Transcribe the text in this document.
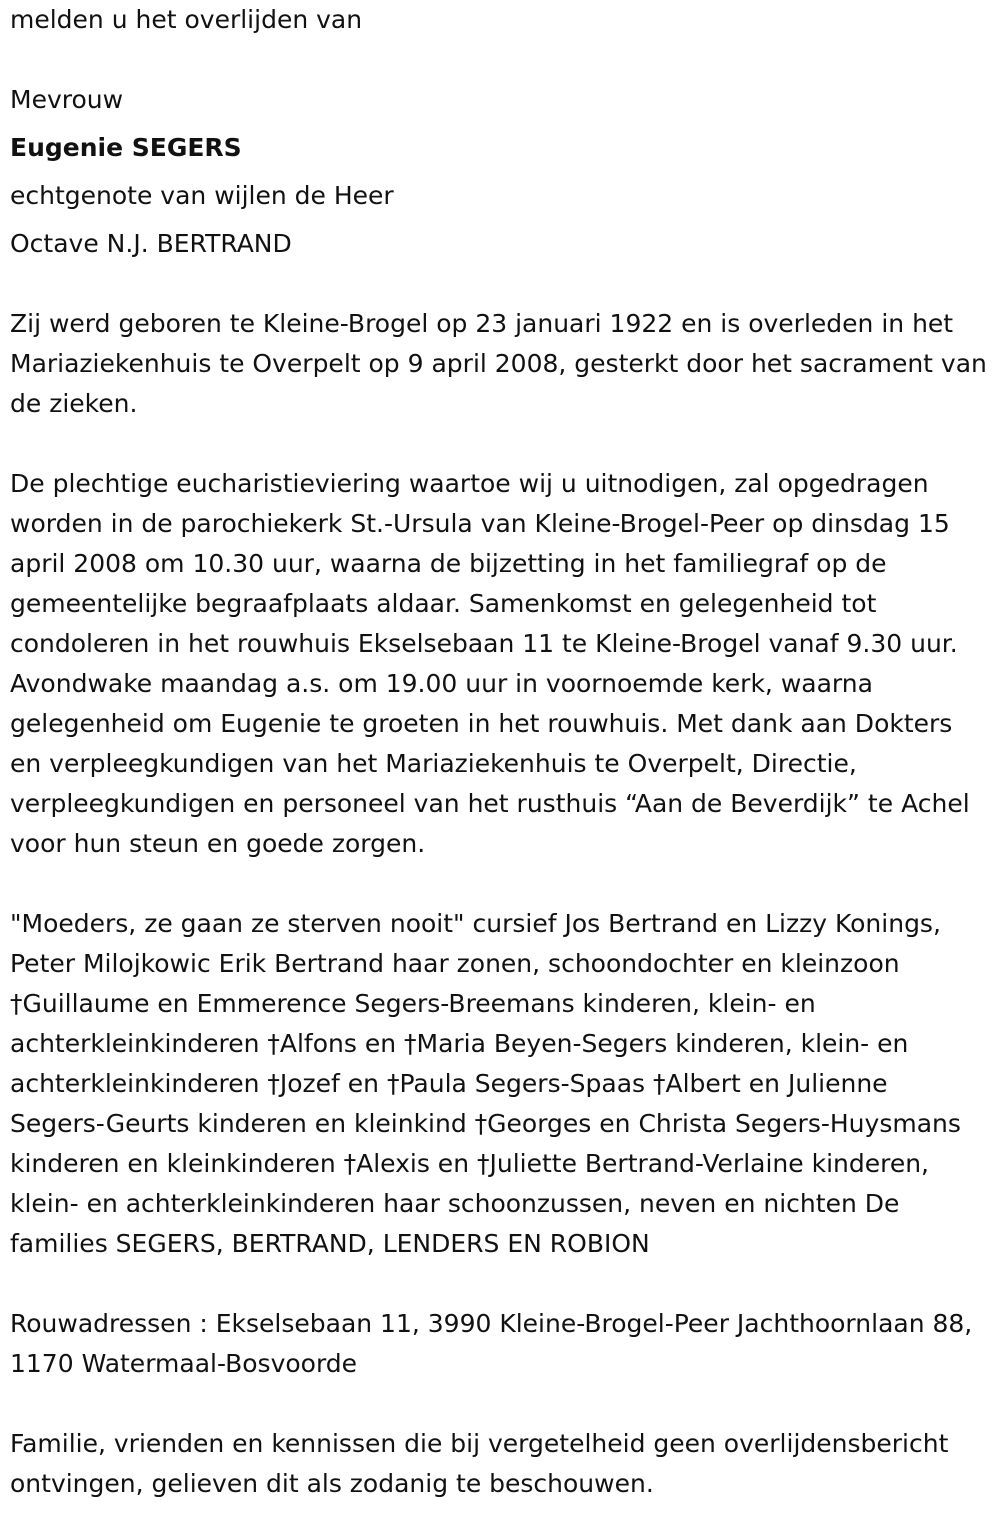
melden u het overlijden van

Mevrouw

Eugenie SEGERS

echtgenote van wijlen de Heer

Octave N.J. BERTRAND

Zij werd geboren te Kleine-Brogel op 23 januari 1922 en is overleden in het Mariaziekenhuis te Overpelt op 9 april 2008, gesterkt door het sacrament van de zieken.

De plechtige eucharistieviering waartoe wij u uitnodigen, zal opgedragen worden in de parochiekerk St.-Ursula van Kleine-Brogel-Peer op dinsdag 15 april 2008 om 10.30 uur, waarna de bijzetting in het familiegraf op de gemeentelijke begraafplaats aldaar. Samenkomst en gelegenheid tot condoleren in het rouwhuis Ekselsebaan 11 te Kleine-Brogel vanaf 9.30 uur. Avondwake maandag a.s. om 19.00 uur in voornoemde kerk, waarna gelegenheid om Eugenie te groeten in het rouwhuis. Met dank aan Dokters en verpleegkundigen van het Mariaziekenhuis te Overpelt, Directie, verpleegkundigen en personeel van het rusthuis “Aan de Beverdijk” te Achel voor hun steun en goede zorgen.

"Moeders, ze gaan ze sterven nooit" cursief Jos Bertrand en Lizzy Konings, Peter Milojkowic Erik Bertrand haar zonen, schoondochter en kleinzoon †Guillaume en Emmerence Segers-Breemans kinderen, klein- en achterkleinkinderen †Alfons en †Maria Beyen-Segers kinderen, klein- en achterkleinkinderen †Jozef en †Paula Segers-Spaas †Albert en Julienne Segers-Geurts kinderen en kleinkind †Georges en Christa Segers-Huysmans kinderen en kleinkinderen †Alexis en †Juliette Bertrand-Verlaine kinderen, klein- en achterkleinkinderen haar schoonzussen, neven en nichten De families SEGERS, BERTRAND, LENDERS EN ROBION

Rouwadressen : Ekselsebaan 11, 3990 Kleine-Brogel-Peer Jachthoornlaan 88, 1170 Watermaal-Bosvoorde

Familie, vrienden en kennissen die bij vergetelheid geen overlijdensbericht ontvingen, gelieven dit als zodanig te beschouwen.
